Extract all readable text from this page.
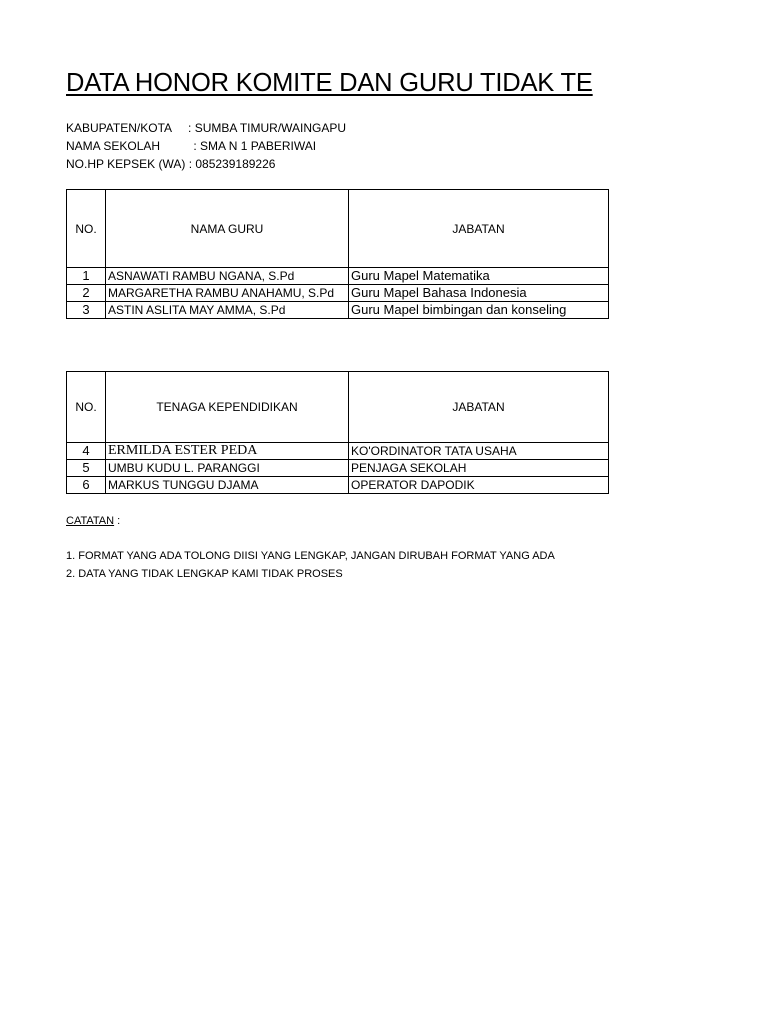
DATA HONOR KOMITE DAN GURU TIDAK TE
KABUPATEN/KOTA     : SUMBA TIMUR/WAINGAPU
NAMA SEKOLAH          : SMA N 1 PABERIWAI
NO.HP KEPSEK (WA) : 085239189226
NO.	NAMA GURU	JABATAN
1	ASNAWATI RAMBU NGANA, S.Pd	Guru Mapel Matematika
2	MARGARETHA RAMBU ANAHAMU, S.Pd	Guru Mapel Bahasa Indonesia
3	ASTIN ASLITA MAY AMMA, S.Pd	Guru Mapel bimbingan dan konseling
NO.	TENAGA KEPENDIDIKAN	JABATAN
4	ERMILDA ESTER PEDA	KO'ORDINATOR TATA USAHA
5	UMBU KUDU L. PARANGGI	PENJAGA SEKOLAH
6	MARKUS TUNGGU DJAMA	OPERATOR DAPODIK
CATATAN :
1. FORMAT YANG ADA TOLONG DIISI YANG LENGKAP, JANGAN DIRUBAH FORMAT YANG ADA
2. DATA YANG TIDAK LENGKAP KAMI TIDAK PROSES
